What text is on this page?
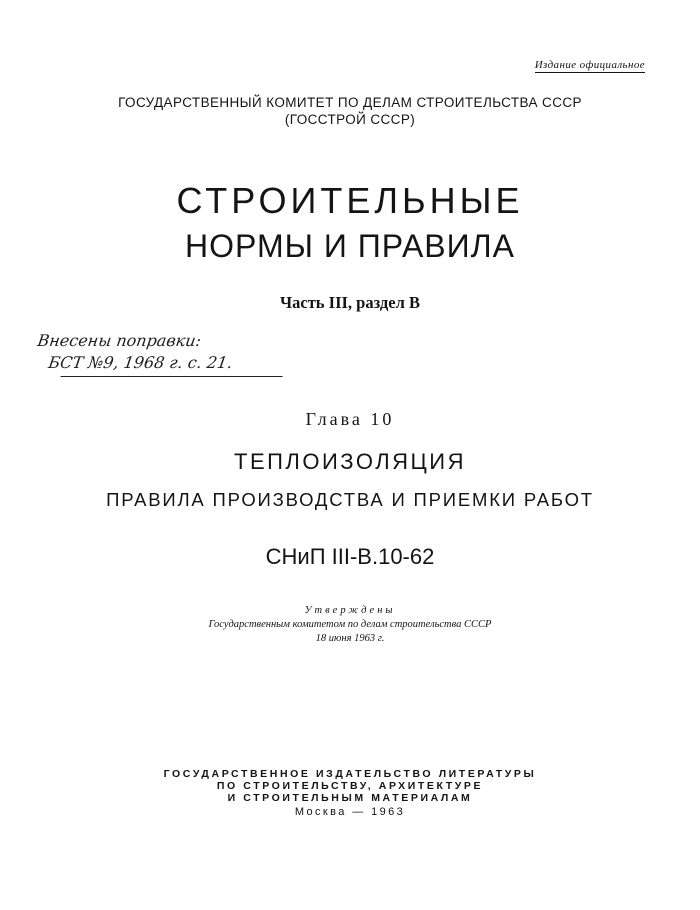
Издание официальное
ГОСУДАРСТВЕННЫЙ КОМИТЕТ ПО ДЕЛАМ СТРОИТЕЛЬСТВА СССР
(ГОССТРОЙ СССР)
СТРОИТЕЛЬНЫЕ
НОРМЫ И ПРАВИЛА
Часть III, раздел В
Внесены поправки:
БСТ №9, 1968 г. с. 21.
Глава 10
ТЕПЛОИЗОЛЯЦИЯ
ПРАВИЛА ПРОИЗВОДСТВА И ПРИЕМКИ РАБОТ
СНиП III-В.10-62
Утверждены
Государственным комитетом по делам строительства СССР
18 июня 1963 г.
ГОСУДАРСТВЕННОЕ ИЗДАТЕЛЬСТВО ЛИТЕРАТУРЫ
ПО СТРОИТЕЛЬСТВУ, АРХИТЕКТУРЕ
И СТРОИТЕЛЬНЫМ МАТЕРИАЛАМ
Москва — 1963
